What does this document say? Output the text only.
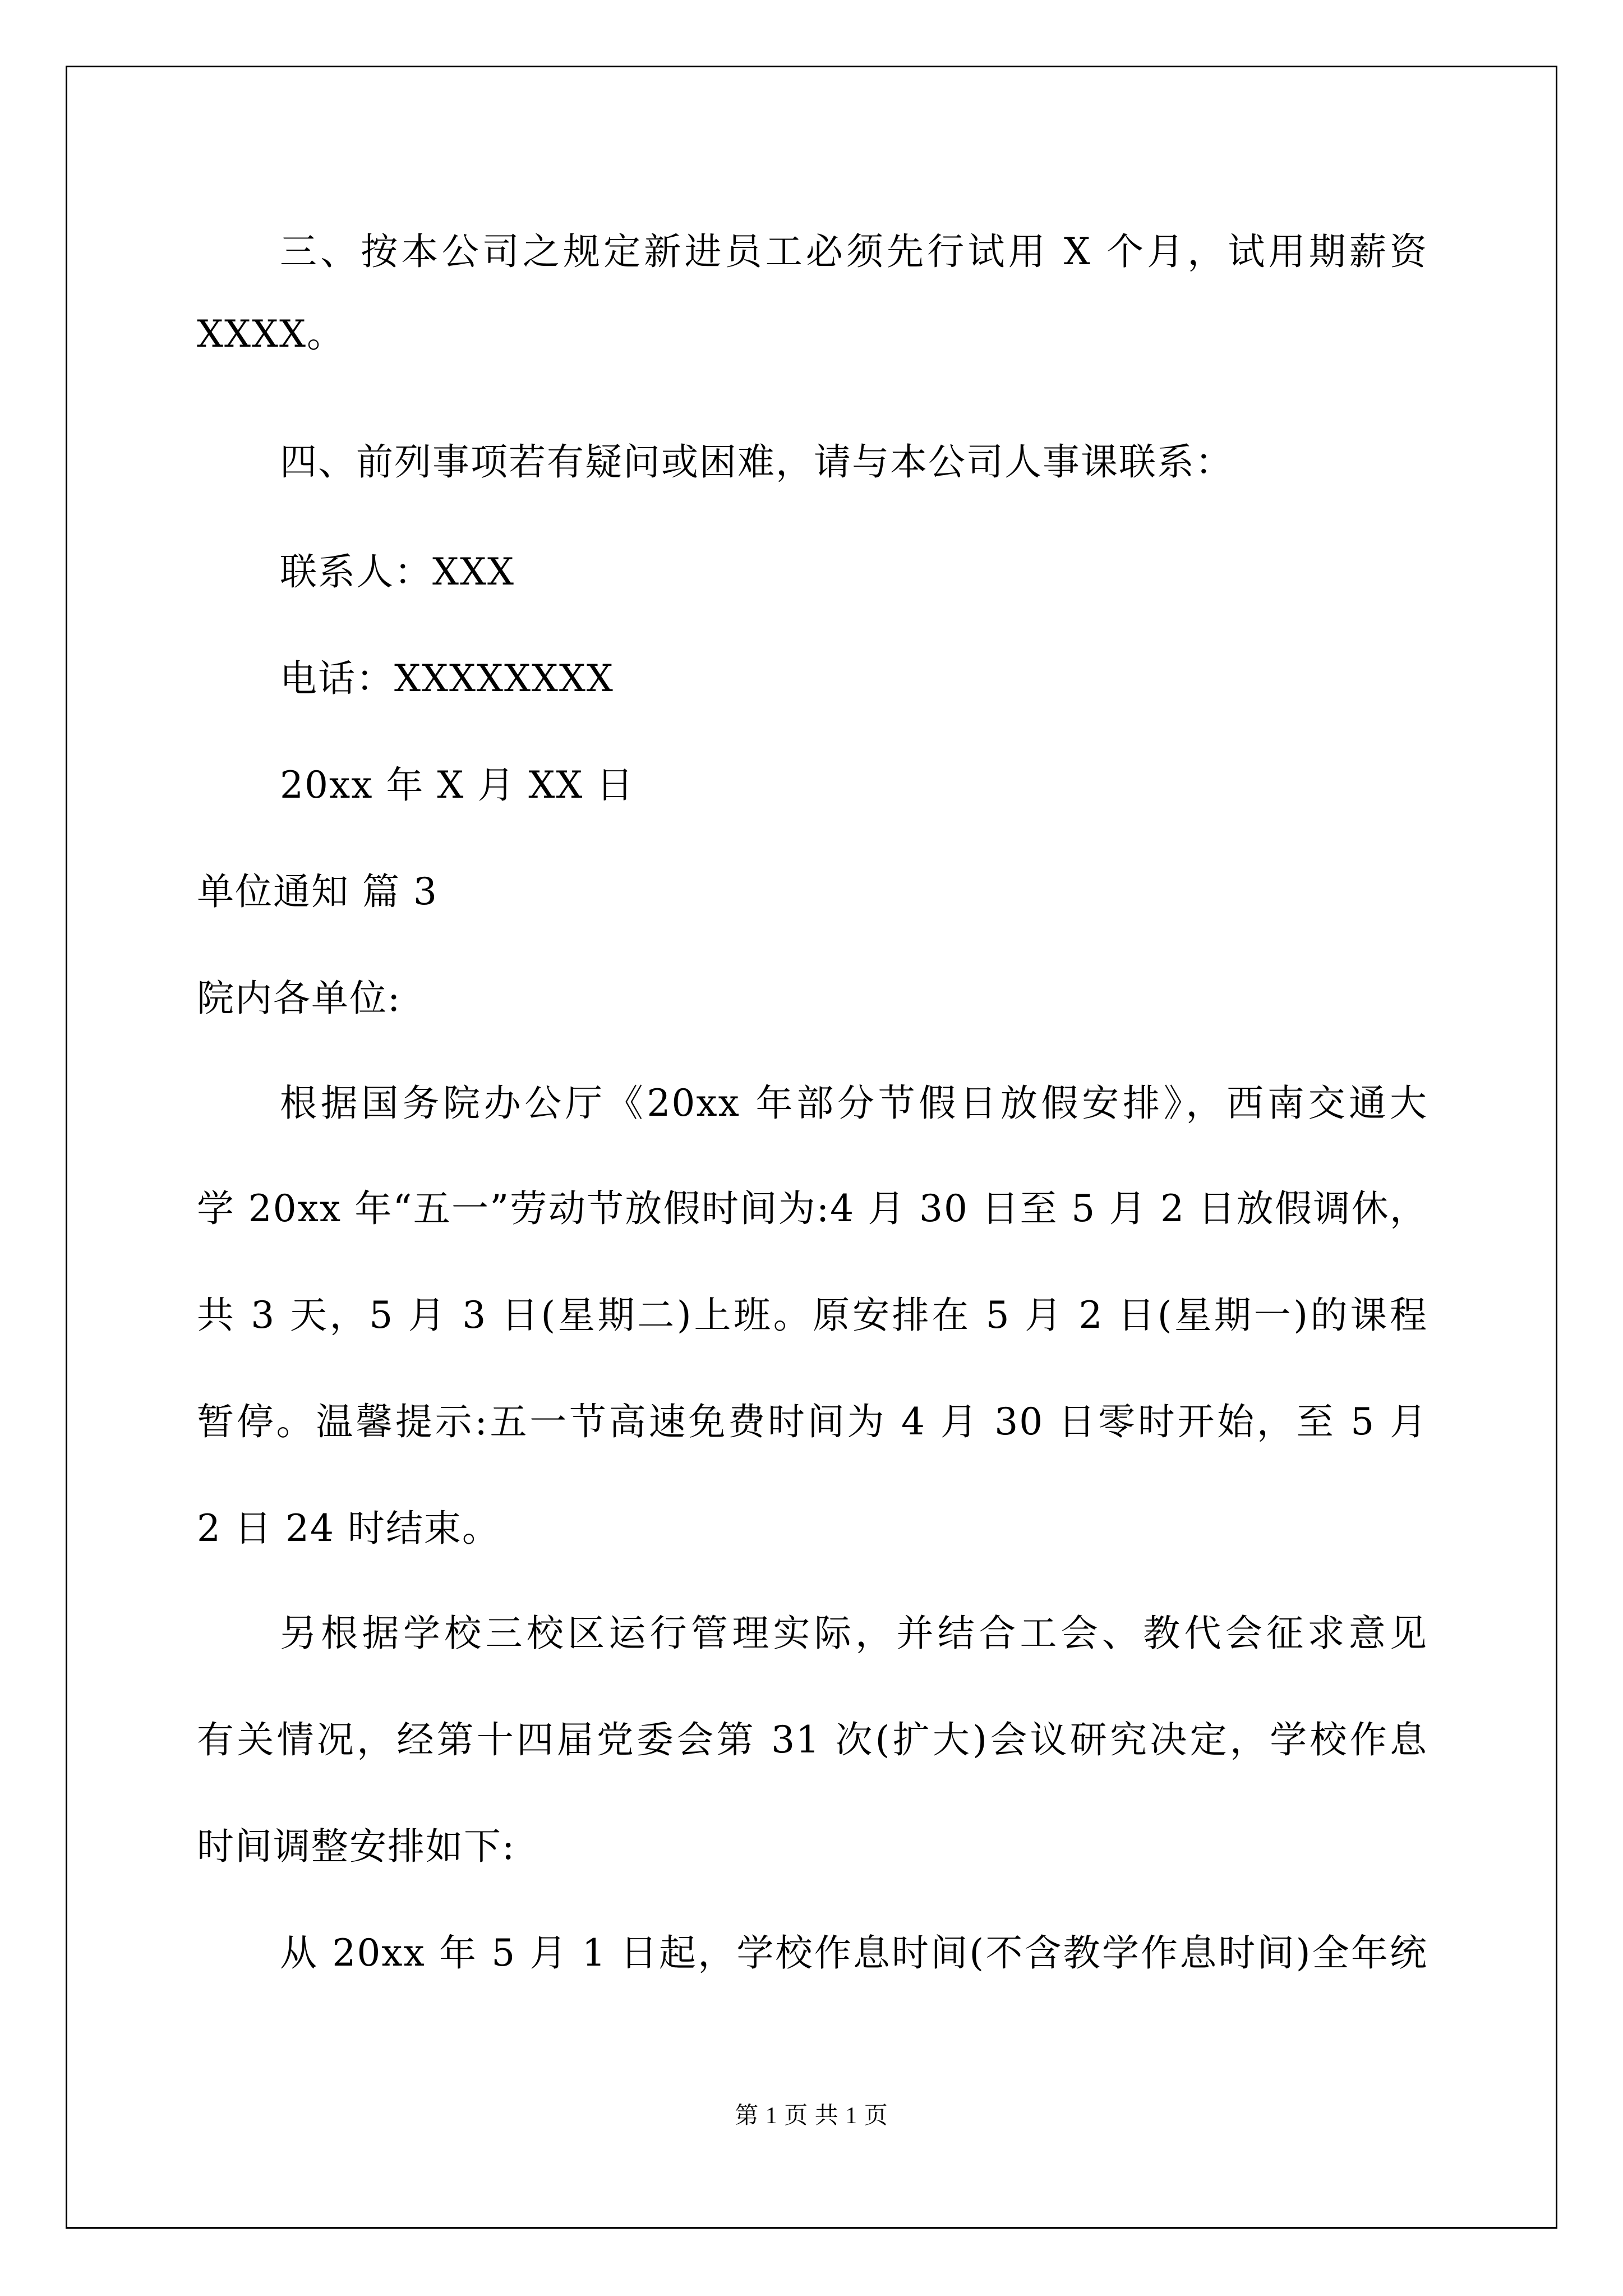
三、按本公司之规定新进员工必须先行试用 X 个月，试用期薪资
XXXX。
四、前列事项若有疑问或困难，请与本公司人事课联系：
联系人：XXX
电话：XXXXXXXX
20xx 年 X 月 XX 日
单位通知 篇 3
院内各单位:
根据国务院办公厅《20xx 年部分节假日放假安排》，西南交通大
学 20xx 年“五一”劳动节放假时间为:4 月 30 日至 5 月 2 日放假调休，
共 3 天，5 月 3 日(星期二)上班。原安排在 5 月 2 日(星期一)的课程
暂停。温馨提示:五一节高速免费时间为 4 月 30 日零时开始，至 5 月
2 日 24 时结束。
另根据学校三校区运行管理实际，并结合工会、教代会征求意见
有关情况，经第十四届党委会第 31 次(扩大)会议研究决定，学校作息
时间调整安排如下:
从 20xx 年 5 月 1 日起，学校作息时间(不含教学作息时间)全年统
第 1 页 共 1 页
